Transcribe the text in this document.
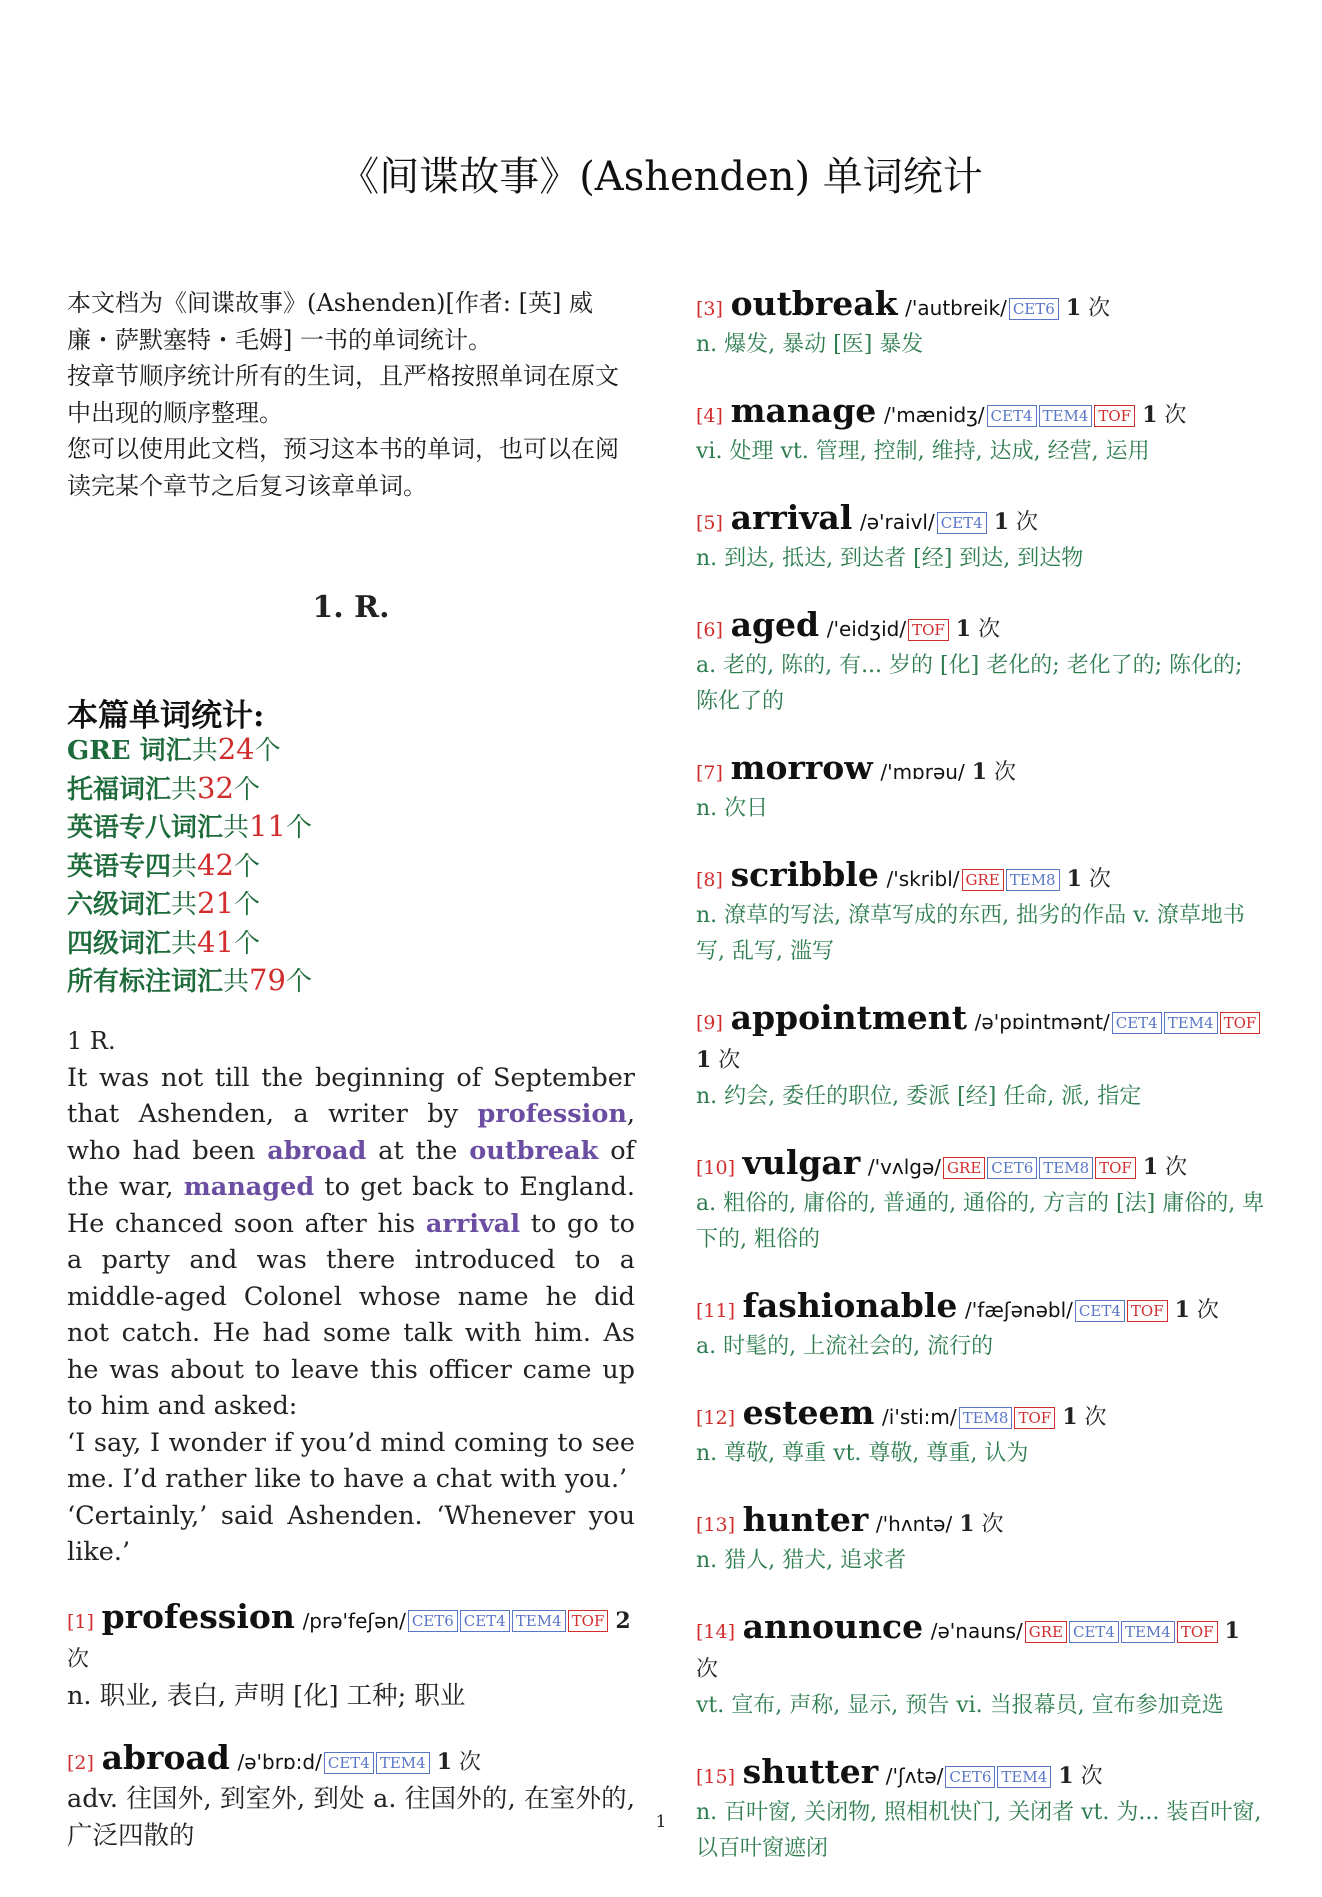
《间谍故事》(Ashenden) 单词统计

本文档为《间谍故事》(Ashenden)[作者: [英] 威廉・萨默塞特・毛姆] 一书的单词统计。

按章节顺序统计所有的生词，且严格按照单词在原文中出现的顺序整理。

您可以使用此文档，预习这本书的单词，也可以在阅读完某个章节之后复习该章单词。

1. R.
本篇单词统计:
GRE 词汇共24个
托福词汇共32个
英语专八词汇共11个
英语专四共42个
六级词汇共21个
四级词汇共41个
所有标注词汇共79个

1 R.

It was not till the beginning of September that Ashenden, a writer by profession, who had been abroad at the outbreak of the war, managed to get back to England. He chanced soon after his arrival to go to a party and was there introduced to a middle-aged Colonel whose name he did not catch. He had some talk with him. As he was about to leave this officer came up to him and asked:

‘I say, I wonder if you’d mind coming to see me. I’d rather like to have a chat with you.’

‘Certainly,’ said Ashenden. ‘Whenever you like.’

[1] profession /prə'feʃən/ CET6 CET4 TEM4 TOF 2 次

n. 职业, 表白, 声明 [化] 工种; 职业

[2] abroad /ə'brɒ:d/ CET4 TEM4 1 次

adv. 往国外, 到室外, 到处 a. 往国外的, 在室外的, 广泛四散的

[3] outbreak /'autbreik/ CET6 1 次

n. 爆发, 暴动 [医] 暴发

[4] manage /'mænidʒ/ CET4 TEM4 TOF 1 次

vi. 处理 vt. 管理, 控制, 维持, 达成, 经营, 运用

[5] arrival /ə'raivl/ CET4 1 次

n. 到达, 抵达, 到达者 [经] 到达, 到达物

[6] aged /'eidʒid/ TOF 1 次

a. 老的, 陈的, 有... 岁的 [化] 老化的; 老化了的; 陈化的; 陈化了的

[7] morrow /'mɒrəu/ 1 次

n. 次日

[8] scribble /'skribl/ GRE TEM8 1 次

n. 潦草的写法, 潦草写成的东西, 拙劣的作品 v. 潦草地书写, 乱写, 滥写

[9] appointment /ə'pɒintmənt/ CET4 TEM4 TOF 1 次

n. 约会, 委任的职位, 委派 [经] 任命, 派, 指定

[10] vulgar /'vʌlgə/ GRE CET6 TEM8 TOF 1 次

a. 粗俗的, 庸俗的, 普通的, 通俗的, 方言的 [法] 庸俗的, 卑下的, 粗俗的

[11] fashionable /'fæʃənəbl/ CET4 TOF 1 次

a. 时髦的, 上流社会的, 流行的

[12] esteem /i'sti:m/ TEM8 TOF 1 次

n. 尊敬, 尊重 vt. 尊敬, 尊重, 认为

[13] hunter /'hʌntə/ 1 次

n. 猎人, 猎犬, 追求者

[14] announce /ə'nauns/ GRE CET4 TEM4 TOF 1 次

vt. 宣布, 声称, 显示, 预告 vi. 当报幕员, 宣布参加竞选

[15] shutter /'ʃʌtə/ CET6 TEM4 1 次

n. 百叶窗, 关闭物, 照相机快门, 关闭者 vt. 为... 装百叶窗, 以百叶窗遮闭

1
